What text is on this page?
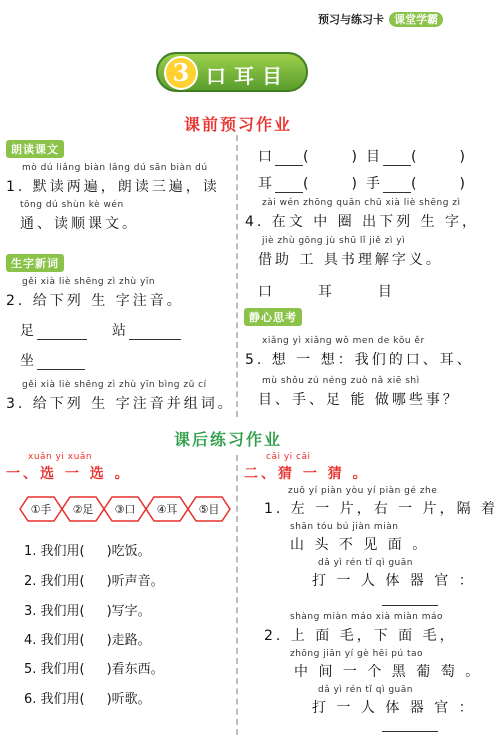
预习与练习卡 课堂学霸
3 口耳目
课前预习作业
朗读课文
mò dú liǎng biàn lǎng dú sān biàn dú
1. 默读两遍，朗读三遍，读
tōng dú shùn kè wén
通、读顺课文。
生字新词
gěi xià liè shēng zì zhù yīn
2. 给下列 生 字注音。
足	站
坐
gěi xià liè shēng zì zhù yīn bìng zǔ cí
3. 给下列 生 字注音并组词。
口 (	) 目 (	)
耳 (	) 手 (	)
zài wén zhōng quān chū xià liè shēng zì
4. 在文 中 圈 出下列 生 字，
jiè zhù gōng jù shū lǐ jiě zì yì
借助 工 具书理解字义。
口	耳	目
静心思考
xiǎng yì xiǎng wǒ men de kǒu ěr
5. 想 一 想：我们的口、耳、
mù shǒu zú néng zuò nǎ xiē shì
目、手、足 能 做哪些事？
课后练习作业
xuǎn yi xuǎn
一、选 一 选 。
①手	②足	③口	④耳	⑤目
1. 我们用( )吃饭。
2. 我们用( )听声音。
3. 我们用( )写字。
4. 我们用( )走路。
5. 我们用( )看东西。
6. 我们用( )听歌。
cāi yi cāi
二、猜 一 猜 。
zuǒ yí piàn yòu yí piàn gé zhe
1. 左 一 片，右 一 片，隔 着
shān tóu bú jiàn miàn
山 头 不 见 面 。
dǎ yì rén tǐ qì guān
打 一 人 体 器 官 ：
shàng miàn máo xià miàn máo
2. 上 面 毛，下 面 毛，
zhōng jiān yí gè hēi pú tao
中 间 一 个 黑 葡 萄 。
dǎ yì rén tǐ qì guān
打 一 人 体 器 官 ：
